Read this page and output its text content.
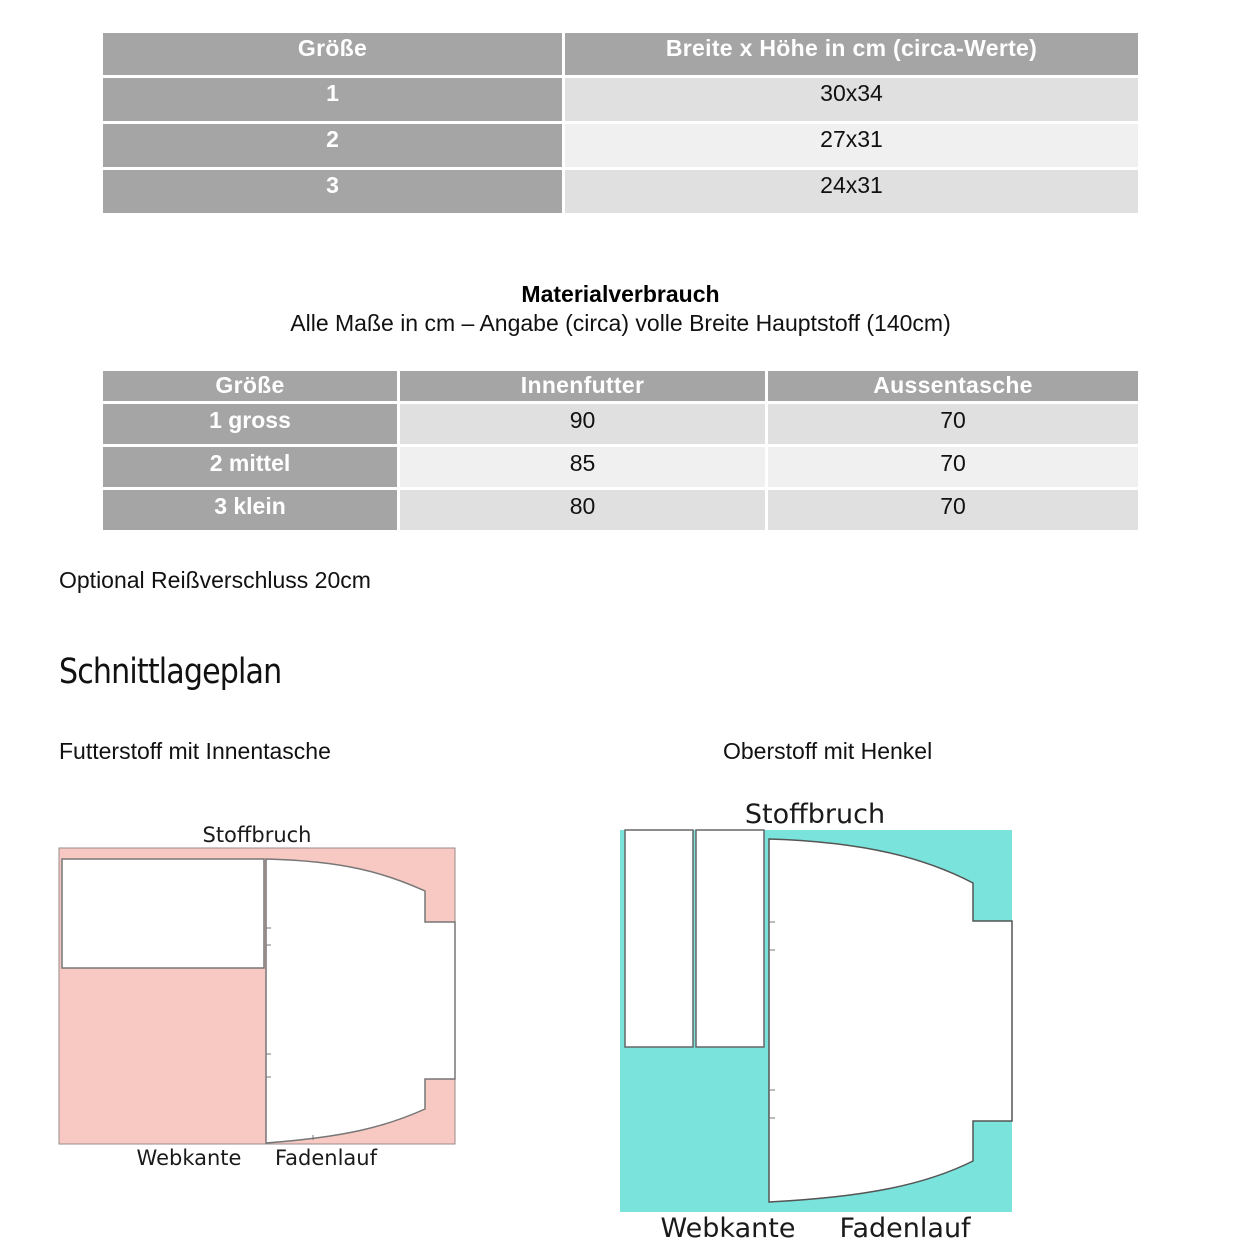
Größe	Breite x Höhe in cm (circa-Werte)
1	30x34
2	27x31
3	24x31
Materialverbrauch
Alle Maße in cm – Angabe (circa) volle Breite Hauptstoff (140cm)
Größe	Innenfutter	Aussentasche
1 gross	90	70
2 mittel	85	70
3 klein	80	70
Optional Reißverschluss 20cm
Schnittlageplan
Futterstoff mit Innentasche	Oberstoff mit Henkel
Stoffbruch
Webkante Fadenlauf
Stoffbruch
Webkante Fadenlauf
